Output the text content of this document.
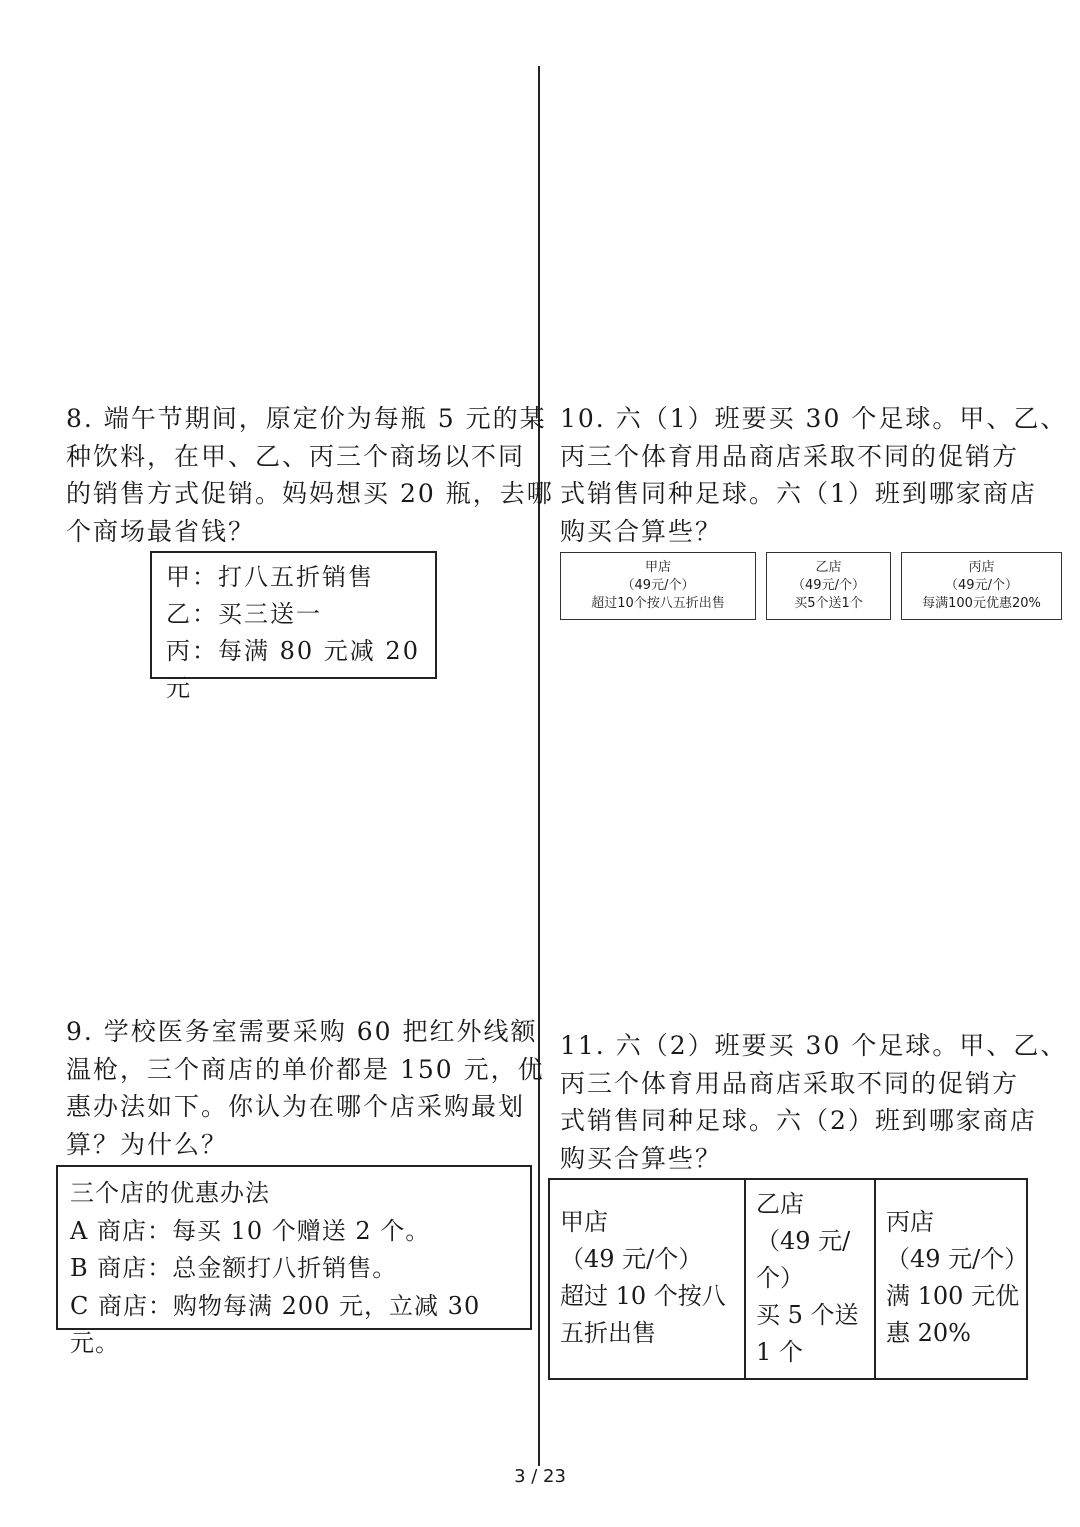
8. 端午节期间，原定价为每瓶 5 元的某

种饮料，在甲、乙、丙三个商场以不同

的销售方式促销。妈妈想买 20 瓶，去哪

个商场最省钱？

甲：打八五折销售

乙：买三送一

丙：每满 80 元减 20 元

10. 六（1）班要买 30 个足球。甲、乙、

丙三个体育用品商店采取不同的促销方

式销售同种足球。六（1）班到哪家商店

购买合算些？

甲店

（49元/个）

超过10个按八五折出售

乙店

（49元/个）

买5个送1个

丙店

（49元/个）

每满100元优惠20%

9. 学校医务室需要采购 60 把红外线额

温枪，三个商店的单价都是 150 元，优

惠办法如下。你认为在哪个店采购最划

算？为什么？

三个店的优惠办法

A 商店：每买 10 个赠送 2 个。

B 商店：总金额打八折销售。

C 商店：购物每满 200 元，立减 30 元。

11. 六（2）班要买 30 个足球。甲、乙、

丙三个体育用品商店采取不同的促销方

式销售同种足球。六（2）班到哪家商店

购买合算些？

甲店

（49 元/个）

超过 10 个按八

五折出售

乙店

（49 元/

个）

买 5 个送

1 个

丙店

（49 元/个）

满 100 元优

惠 20%

3 / 23
